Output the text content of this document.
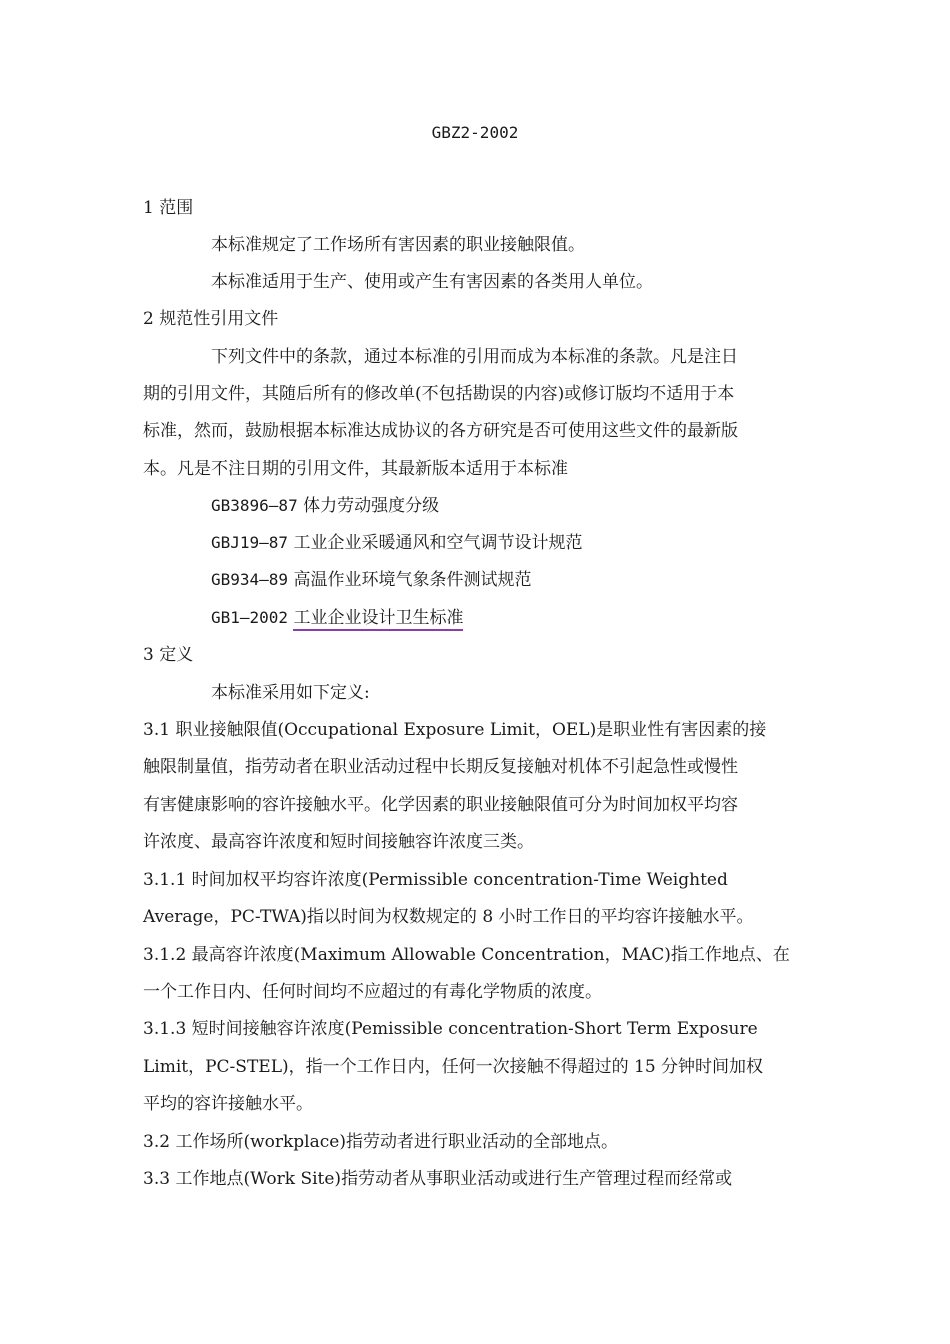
GBZ2-2002
1 范围
本标准规定了工作场所有害因素的职业接触限值。
本标准适用于生产、使用或产生有害因素的各类用人单位。
2 规范性引用文件
下列文件中的条款，通过本标准的引用而成为本标准的条款。凡是注日
期的引用文件，其随后所有的修改单(不包括勘误的内容)或修订版均不适用于本
标准，然而，鼓励根据本标准达成协议的各方研究是否可使用这些文件的最新版
本。凡是不注日期的引用文件，其最新版本适用于本标准
GB3896—87 体力劳动强度分级
GBJ19—87 工业企业采暖通风和空气调节设计规范
GB934—89 高温作业环境气象条件测试规范
GB1—2002 工业企业设计卫生标准
3 定义
本标准采用如下定义:
3.1 职业接触限值(Occupational Exposure Limit，OEL)是职业性有害因素的接
触限制量值，指劳动者在职业活动过程中长期反复接触对机体不引起急性或慢性
有害健康影响的容许接触水平。化学因素的职业接触限值可分为时间加权平均容
许浓度、最高容许浓度和短时间接触容许浓度三类。
3.1.1 时间加权平均容许浓度(Permissible concentration-Time Weighted
Average，PC-TWA)指以时间为权数规定的 8 小时工作日的平均容许接触水平。
3.1.2 最高容许浓度(Maximum Allowable Concentration，MAC)指工作地点、在
一个工作日内、任何时间均不应超过的有毒化学物质的浓度。
3.1.3 短时间接触容许浓度(Pemissible concentration-Short Term Exposure
Limit，PC-STEL)，指一个工作日内，任何一次接触不得超过的 15 分钟时间加权
平均的容许接触水平。
3.2 工作场所(workplace)指劳动者进行职业活动的全部地点。
3.3 工作地点(Work Site)指劳动者从事职业活动或进行生产管理过程而经常或
